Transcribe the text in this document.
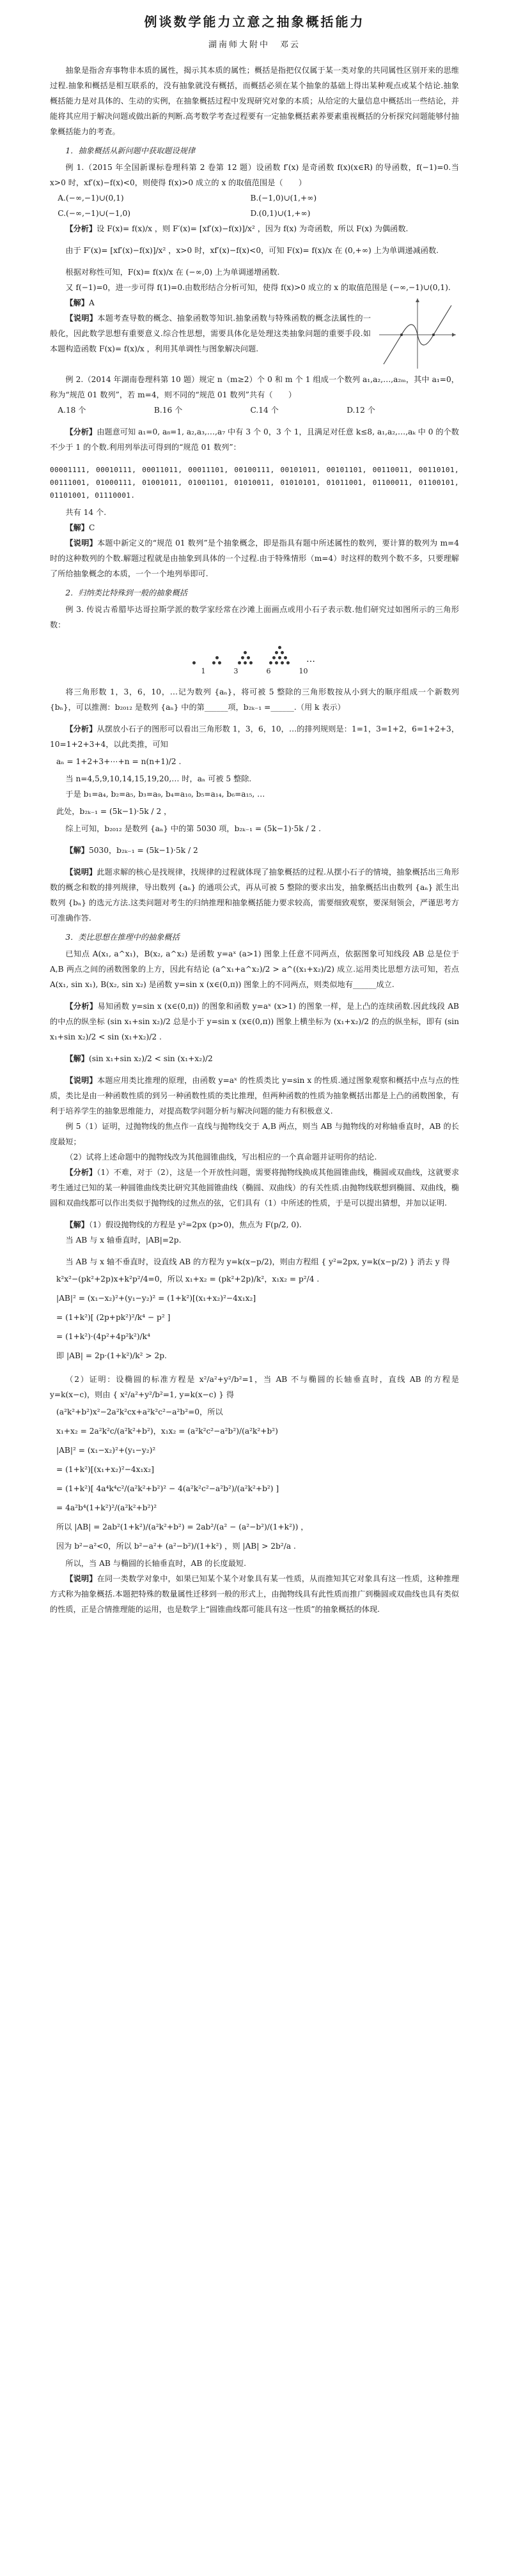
例谈数学能力立意之抽象概括能力
湖南师大附中　邓云

抽象是指舍弃事物非本质的属性，揭示其本质的属性；概括是指把仅仅属于某一类对象的共同属性区别开来的思维过程.抽象和概括是相互联系的，没有抽象就没有概括，而概括必须在某个抽象的基础上得出某种观点或某个结论.抽象概括能力是对具体的、生动的实例，在抽象概括过程中发现研究对象的本质；从给定的大量信息中概括出一些结论，并能将其应用于解决问题或做出新的判断.高考数学考查过程要有一定抽象概括素养要素重视概括的分析探究问题能够付抽象概括能力的考查。

1．抽象概括从新问题中获取题设规律

例 1.（2015 年全国新课标卷理科第 2 卷第 12 题）设函数 f′(x) 是奇函数 f(x)(x∈R) 的导函数，f(−1)=0.当 x>0 时，xf′(x)−f(x)<0，则使得 f(x)>0 成立的 x 的取值范围是（　　）

A.(−∞,−1)∪(0,1)	B.(−1,0)∪(1,+∞)
C.(−∞,−1)∪(−1,0)	D.(0,1)∪(1,+∞)

【 分析 】 设 F(x)= f(x)/x ，则 F′(x)= [xf′(x)−f(x)]/x² ，因为 f(x) 为奇函数，所以 F(x) 为偶函数.

由于 F′(x)= [xf′(x)−f(x)]/x² ，x>0 时，xf′(x)−f(x)<0，可知 F(x)= f(x)/x 在 (0,+∞) 上为单调递减函数.

根据对称性可知，F(x)= f(x)/x 在 (−∞,0) 上为单调递增函数.

又 f(−1)=0，进一步可得 f(1)=0.由数形结合分析可知，使得 f(x)>0 成立的 x 的取值范围是 (−∞,−1)∪(0,1).

【 解 】 A

【 说明 】 本题考查导数的概念、抽象函数等知识.抽象函数与特殊函数的概念法属性的一般化，因此数学思想有重要意义.综合性思想，需要具体化是处理这类抽象问题的重要手段.如本题构造函数 F(x)= f(x)/x ，利用其单调性与图象解决问题.

例 2.（2014 年湖南卷理科第 10 题）规定 n（m≥2）个 0 和 m 个 1 组成一个数列 a₁,a₂,…,a₂ₘ，其中 a₁=0，称为“规范 01 数列”，若 m=4，则不同的“规范 01 数列”共有（　　）

A.18 个	B.16 个	C.14 个	D.12 个

【 分析 】 由题意可知 a₁=0, a₈=1, a₂,a₃,…,a₇ 中有 3 个 0，3 个 1，且满足对任意 k≤8, a₁,a₂,…,aₖ 中 0 的个数不少于 1 的个数.利用列举法可得到的“规范 01 数列”：

00001111, 00010111, 00011011, 00011101, 00100111, 00101011, 00101101, 00110011, 00110101, 00111001, 01000111, 01001011, 01001101, 01010011, 01010101, 01011001, 01100011, 01100101, 01101001, 01110001.

共有 14 个.

【 解 】 C

【 说明 】 本题中新定义的“规范 01 数列”是个抽象概念，即是指具有题中所述属性的数列，要计算的数列为 m=4 时的这种数列的个数.解题过程就是由抽象到具体的一个过程.由于特殊情形（m=4）时这样的数列个数不多，只要理解了所给抽象概念的本质，一个一个地列举即可.

2．归纳类比特殊到一般的抽象概括

例 3. 传说古希腊毕达哥拉斯学派的数学家经常在沙滩上面画点或用小石子表示数.他们研究过如图所示的三角形数：

…
1	3	6	10

将三角形数 1，3，6，10，…记为数列 {aₙ}，将可被 5 整除的三角形数按从小到大的顺序组成一个新数列 {bₙ}，可以推测：b₂₀₁₂ 是数列 {aₙ} 中的第______项，b₂ₖ₋₁ =______.（用 k 表示）

【 分析 】 从摆放小石子的图形可以看出三角形数 1，3，6，10，…的排列规则是：1=1，3=1+2，6=1+2+3，10=1+2+3+4，以此类推，可知

aₙ = 1+2+3+⋯+n = n(n+1)/2 .

当 n=4,5,9,10,14,15,19,20,… 时，aₙ 可被 5 整除.

于是 b₁=a₄, b₂=a₅, b₃=a₉, b₄=a₁₀, b₅=a₁₄, b₆=a₁₅, …

此处，b₂ₖ₋₁ = (5k−1)·5k / 2 ，

综上可知，b₂₀₁₂ 是数列 {aₙ} 中的第 5030 项，b₂ₖ₋₁ = (5k−1)·5k / 2 .

【 解 】 5030，b₂ₖ₋₁ = (5k−1)·5k / 2

【 说明 】 此题求解的核心是找规律，找规律的过程就体现了抽象概括的过程.从摆小石子的情境，抽象概括出三角形数的概念和数的排列规律，导出数列 {aₙ} 的通项公式，再从可被 5 整除的要求出发，抽象概括出由数列 {aₙ} 派生出数列 {bₙ} 的选元方法.这类问题对考生的归纳推理和抽象概括能力要求较高，需要细致观察，要深刻领会，严谨思考方可准确作答.

3．类比思想在推理中的抽象概括

已知点 A(x₁, a^x₁)，B(x₂, a^x₂) 是函数 y=aˣ (a>1) 图象上任意不同两点，依据图象可知线段 AB 总是位于 A,B 两点之间的函数图象的上方，因此有结论 (a^x₁+a^x₂)/2 > a^((x₁+x₂)/2) 成立.运用类比思想方法可知，若点 A(x₁, sin x₁), B(x₂, sin x₂) 是函数 y=sin x (x∈(0,π)) 图象上的不同两点，则类似地有______成立.

【 分析 】 易知函数 y=sin x (x∈(0,π)) 的图象和函数 y=aˣ (x>1) 的图象一样，是上凸的连续函数.因此线段 AB 的中点的纵坐标 (sin x₁+sin x₂)/2 总是小于 y=sin x (x∈(0,π)) 图象上横坐标为 (x₁+x₂)/2 的点的纵坐标，即有 (sin x₁+sin x₂)/2 < sin (x₁+x₂)/2 .

【 解 】 (sin x₁+sin x₂)/2 < sin (x₁+x₂)/2

【 说明 】 本题应用类比推理的原理，由函数 y=aˣ 的性质类比 y=sin x 的性质.通过图象观察和概括中点与点的性质，类比是由一种函数性质的到另一种函数性质的类比推理，但两种函数的性质为抽象概括出都是上凸的函数图象，有利于培养学生的抽象思维能力，对提高数学问题分析与解决问题的能力有积极意义.

例 5（1）证明，过抛物线的焦点作一直线与抛物线交于 A,B 两点，则当 AB 与抛物线的对称轴垂直时，AB 的长度最短；

（2）试将上述命题中的抛物线改为其他圆锥曲线，写出相应的一个真命题并证明你的结论.

【 分析 】 （1）不难，对于（2），这是一个开放性问题，需要将抛物线换成其他圆锥曲线，椭圆或双曲线，这就要求考生通过已知的某一种圆锥曲线类比研究其他圆锥曲线（椭圆、双曲线）的有关性质.由抛物线联想到椭圆、双曲线，椭圆和双曲线都可以作出类似于抛物线的过焦点的弦，它们具有（1）中所述的性质，于是可以提出猜想，并加以证明.

【 解 】 （1）假设抛物线的方程是 y²=2px (p>0)，焦点为 F(p/2, 0).

当 AB 与 x 轴垂直时，|AB|=2p.

当 AB 与 x 轴不垂直时，设直线 AB 的方程为 y=k(x−p/2)，则由方程组 { y²=2px, y=k(x−p/2) } 消去 y 得

k²x²−(pk²+2p)x+k²p²/4=0，所以 x₁+x₂ = (pk²+2p)/k²，x₁x₂ = p²/4 .

|AB|² = (x₁−x₂)²+(y₁−y₂)² = (1+k²)[(x₁+x₂)²−4x₁x₂]

= (1+k²)[ (2p+pk²)²/k⁴ − p² ]

= (1+k²)·(4p²+4p²k²)/k⁴

即 |AB| = 2p·(1+k²)/k² > 2p.

（2）证明：设椭圆的标准方程是 x²/a²+y²/b²=1，当 AB 不与椭圆的长轴垂直时，直线 AB 的方程是 y=k(x−c)，则由 { x²/a²+y²/b²=1, y=k(x−c) } 得

(a²k²+b²)x²−2a²k²cx+a²k²c²−a²b²=0，所以

x₁+x₂ = 2a²k²c/(a²k²+b²)，x₁x₂ = (a²k²c²−a²b²)/(a²k²+b²)

|AB|² = (x₁−x₂)²+(y₁−y₂)²

= (1+k²)[(x₁+x₂)²−4x₁x₂]

= (1+k²)[ 4a⁴k⁴c²/(a²k²+b²)² − 4(a²k²c²−a²b²)/(a²k²+b²) ]

= 4a²b⁴(1+k²)²/(a²k²+b²)²

所以 |AB| = 2ab²(1+k²)/(a²k²+b²) = 2ab²/(a² − (a²−b²)/(1+k²)) ，

因为 b²−a²<0，所以 b²−a²+ (a²−b²)/(1+k²) ，则 |AB| > 2b²/a .

所以，当 AB 与椭圆的长轴垂直时，AB 的长度最短.

【 说明 】 在同一类数学对象中，如果已知某个某个对象具有某一性质，从而推知其它对象具有这一性质，这种推理方式称为抽象概括.本题把特殊的数量属性迁移到一般的形式上，由抛物线具有此性质而推广到椭圆或双曲线也具有类似的性质，正是合情推理能的运用，也是数学上“圆锥曲线都可能具有这一性质”的抽象概括的体现.
